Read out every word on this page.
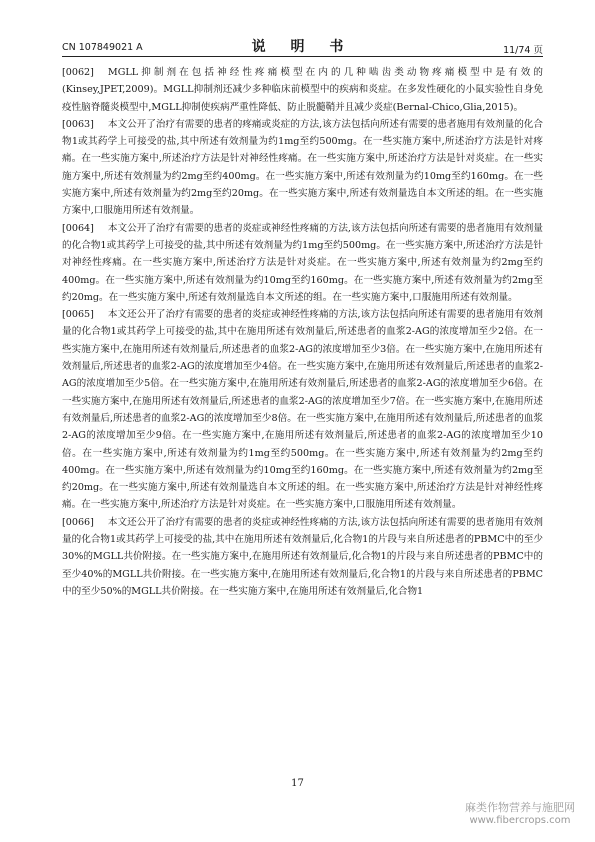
CN 107849021 A	说 明 书	11/74 页

[0062] MGLL抑制剂在包括神经性疼痛模型在内的几种啮齿类动物疼痛模型中是有效的(Kinsey,JPET,2009)。MGLL抑制剂还减少多种临床前模型中的疾病和炎症。在多发性硬化的小鼠实验性自身免疫性脑脊髓炎模型中,MGLL抑制使疾病严重性降低、防止脱髓鞘并且减少炎症(Bernal-Chico,Glia,2015)。

[0063] 本文公开了治疗有需要的患者的疼痛或炎症的方法,该方法包括向所述有需要的患者施用有效剂量的化合物1或其药学上可接受的盐,其中所述有效剂量为约1mg至约500mg。在一些实施方案中,所述治疗方法是针对疼痛。在一些实施方案中,所述治疗方法是针对神经性疼痛。在一些实施方案中,所述治疗方法是针对炎症。在一些实施方案中,所述有效剂量为约2mg至约400mg。在一些实施方案中,所述有效剂量为约10mg至约160mg。在一些实施方案中,所述有效剂量为约2mg至约20mg。在一些实施方案中,所述有效剂量选自本文所述的组。在一些实施方案中,口服施用所述有效剂量。

[0064] 本文公开了治疗有需要的患者的炎症或神经性疼痛的方法,该方法包括向所述有需要的患者施用有效剂量的化合物1或其药学上可接受的盐,其中所述有效剂量为约1mg至约500mg。在一些实施方案中,所述治疗方法是针对神经性疼痛。在一些实施方案中,所述治疗方法是针对炎症。在一些实施方案中,所述有效剂量为约2mg至约400mg。在一些实施方案中,所述有效剂量为约10mg至约160mg。在一些实施方案中,所述有效剂量为约2mg至约20mg。在一些实施方案中,所述有效剂量选自本文所述的组。在一些实施方案中,口服施用所述有效剂量。

[0065] 本文还公开了治疗有需要的患者的炎症或神经性疼痛的方法,该方法包括向所述有需要的患者施用有效剂量的化合物1或其药学上可接受的盐,其中在施用所述有效剂量后,所述患者的血浆2-AG的浓度增加至少2倍。在一些实施方案中,在施用所述有效剂量后,所述患者的血浆2-AG的浓度增加至少3倍。在一些实施方案中,在施用所述有效剂量后,所述患者的血浆2-AG的浓度增加至少4倍。在一些实施方案中,在施用所述有效剂量后,所述患者的血浆2-AG的浓度增加至少5倍。在一些实施方案中,在施用所述有效剂量后,所述患者的血浆2-AG的浓度增加至少6倍。在一些实施方案中,在施用所述有效剂量后,所述患者的血浆2-AG的浓度增加至少7倍。在一些实施方案中,在施用所述有效剂量后,所述患者的血浆2-AG的浓度增加至少8倍。在一些实施方案中,在施用所述有效剂量后,所述患者的血浆2-AG的浓度增加至少9倍。在一些实施方案中,在施用所述有效剂量后,所述患者的血浆2-AG的浓度增加至少10倍。在一些实施方案中,所述有效剂量为约1mg至约500mg。在一些实施方案中,所述有效剂量为约2mg至约400mg。在一些实施方案中,所述有效剂量为约10mg至约160mg。在一些实施方案中,所述有效剂量为约2mg至约20mg。在一些实施方案中,所述有效剂量选自本文所述的组。在一些实施方案中,所述治疗方法是针对神经性疼痛。在一些实施方案中,所述治疗方法是针对炎症。在一些实施方案中,口服施用所述有效剂量。

[0066] 本文还公开了治疗有需要的患者的炎症或神经性疼痛的方法,该方法包括向所述有需要的患者施用有效剂量的化合物1或其药学上可接受的盐,其中在施用所述有效剂量后,化合物1的片段与来自所述患者的PBMC中的至少30%的MGLL共价附接。在一些实施方案中,在施用所述有效剂量后,化合物1的片段与来自所述患者的PBMC中的至少40%的MGLL共价附接。在一些实施方案中,在施用所述有效剂量后,化合物1的片段与来自所述患者的PBMC中的至少50%的MGLL共价附接。在一些实施方案中,在施用所述有效剂量后,化合物1

17
麻类作物营养与施肥网
www.fibercrops.com
